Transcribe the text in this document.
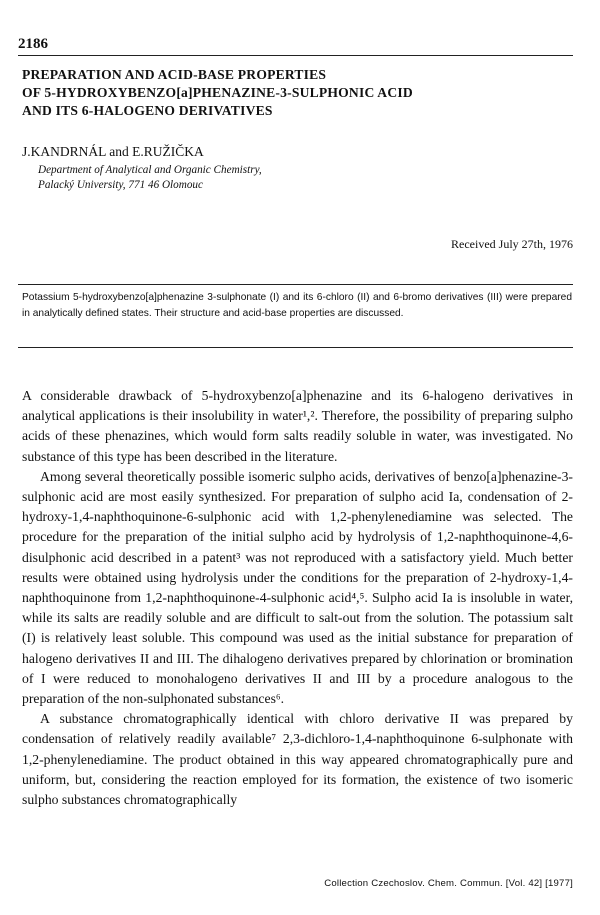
2186
PREPARATION AND ACID-BASE PROPERTIES
OF 5-HYDROXYBENZO[a]PHENAZINE-3-SULPHONIC ACID
AND ITS 6-HALOGENO DERIVATIVES
J.KANDRNÁL and E.RUŽIČKA
Department of Analytical and Organic Chemistry,
Palacký University, 771 46 Olomouc
Received July 27th, 1976
Potassium 5-hydroxybenzo[a]phenazine 3-sulphonate (I) and its 6-chloro (II) and 6-bromo derivatives (III) were prepared in analytically defined states. Their structure and acid-base properties are discussed.

A considerable drawback of 5-hydroxybenzo[a]phenazine and its 6-halogeno derivatives in analytical applications is their insolubility in water¹,². Therefore, the possibility of preparing sulpho acids of these phenazines, which would form salts readily soluble in water, was investigated. No substance of this type has been described in the literature.

Among several theoretically possible isomeric sulpho acids, derivatives of benzo[a]phenazine-3-sulphonic acid are most easily synthesized. For preparation of sulpho acid Ia, condensation of 2-hydroxy-1,4-naphthoquinone-6-sulphonic acid with 1,2-phenylenediamine was selected. The procedure for the preparation of the initial sulpho acid by hydrolysis of 1,2-naphthoquinone-4,6-disulphonic acid described in a patent³ was not reproduced with a satisfactory yield. Much better results were obtained using hydrolysis under the conditions for the preparation of 2-hydroxy-1,4-naphthoquinone from 1,2-naphthoquinone-4-sulphonic acid⁴,⁵. Sulpho acid Ia is insoluble in water, while its salts are readily soluble and are difficult to salt-out from the solution. The potassium salt (I) is relatively least soluble. This compound was used as the initial substance for preparation of halogeno derivatives II and III. The dihalogeno derivatives prepared by chlorination or bromination of I were reduced to monohalogeno derivatives II and III by a procedure analogous to the preparation of the non-sulphonated substances⁶.

A substance chromatographically identical with chloro derivative II was prepared by condensation of relatively readily available⁷ 2,3-dichloro-1,4-naphthoquinone 6-sulphonate with 1,2-phenylenediamine. The product obtained in this way appeared chromatographically pure and uniform, but, considering the reaction employed for its formation, the existence of two isomeric sulpho substances chromatographically

Collection Czechoslov. Chem. Commun. [Vol. 42] [1977]
